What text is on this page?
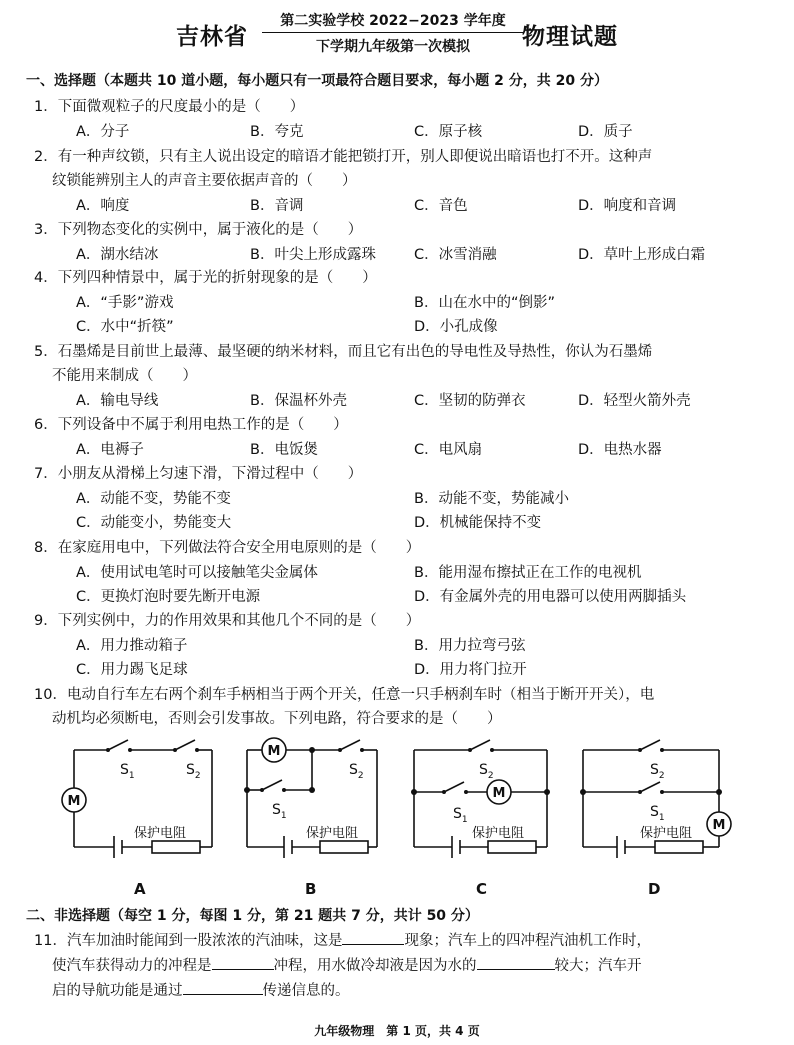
吉林省
第二实验学校 2022−2023 学年度
下学期九年级第一次模拟	物理试题
一、选择题（本题共 10 道小题，每小题只有一项最符合题目要求，每小题 2 分，共 20 分）
1．下面微观粒子的尺度最小的是（　　）
A．分子	B．夸克	C．原子核	D．质子
2．有一种声纹锁，只有主人说出设定的暗语才能把锁打开，别人即便说出暗语也打不开。这种声
纹锁能辨别主人的声音主要依据声音的（　　）
A．响度	B．音调	C．音色	D．响度和音调
3．下列物态变化的实例中，属于液化的是（　　）
A．湖水结冰	B．叶尖上形成露珠	C．冰雪消融	D．草叶上形成白霜
4．下列四种情景中，属于光的折射现象的是（　　）
A．“手影”游戏	B．山在水中的“倒影”
C．水中“折筷”	D．小孔成像
5．石墨烯是目前世上最薄、最坚硬的纳米材料，而且它有出色的导电性及导热性，你认为石墨烯
不能用来制成（　　）
A．输电导线	B．保温杯外壳	C．坚韧的防弹衣	D．轻型火箭外壳
6．下列设备中不属于利用电热工作的是（　　）
A．电褥子	B．电饭煲	C．电风扇	D．电热水器
7．小朋友从滑梯上匀速下滑，下滑过程中（　　）
A．动能不变，势能不变	B．动能不变，势能减小
C．动能变小，势能变大	D．机械能保持不变
8．在家庭用电中，下列做法符合安全用电原则的是（　　）
A．使用试电笔时可以接触笔尖金属体	B．能用湿布擦拭正在工作的电视机
C．更换灯泡时要先断开电源	D．有金属外壳的用电器可以使用两脚插头
9．下列实例中，力的作用效果和其他几个不同的是（　　）
A．用力推动箱子	B．用力拉弯弓弦
C．用力踢飞足球	D．用力将门拉开
10．电动自行车左右两个刹车手柄相当于两个开关，任意一只手柄刹车时（相当于断开开关），电
动机均必须断电，否则会引发事故。下列电路，符合要求的是（　　）
M
M
M
M
$S_1$	$S_2$	$S_2$
$S_1$
$S_2$
$S_1$
$S_2$
$S_1$
保护电阻	保护电阻	保护电阻	保护电阻
A	B	C	D
二、非选择题（每空 1 分，每图 1 分，第 21 题共 7 分，共计 50 分）
11．汽车加油时能闻到一股浓浓的汽油味，这是	现象；汽车上的四冲程汽油机工作时，
使汽车获得动力的冲程是	冲程，用水做冷却液是因为水的	较大；汽车开
启的导航功能是通过	传递信息的。
九年级物理　第 1 页，共 4 页
